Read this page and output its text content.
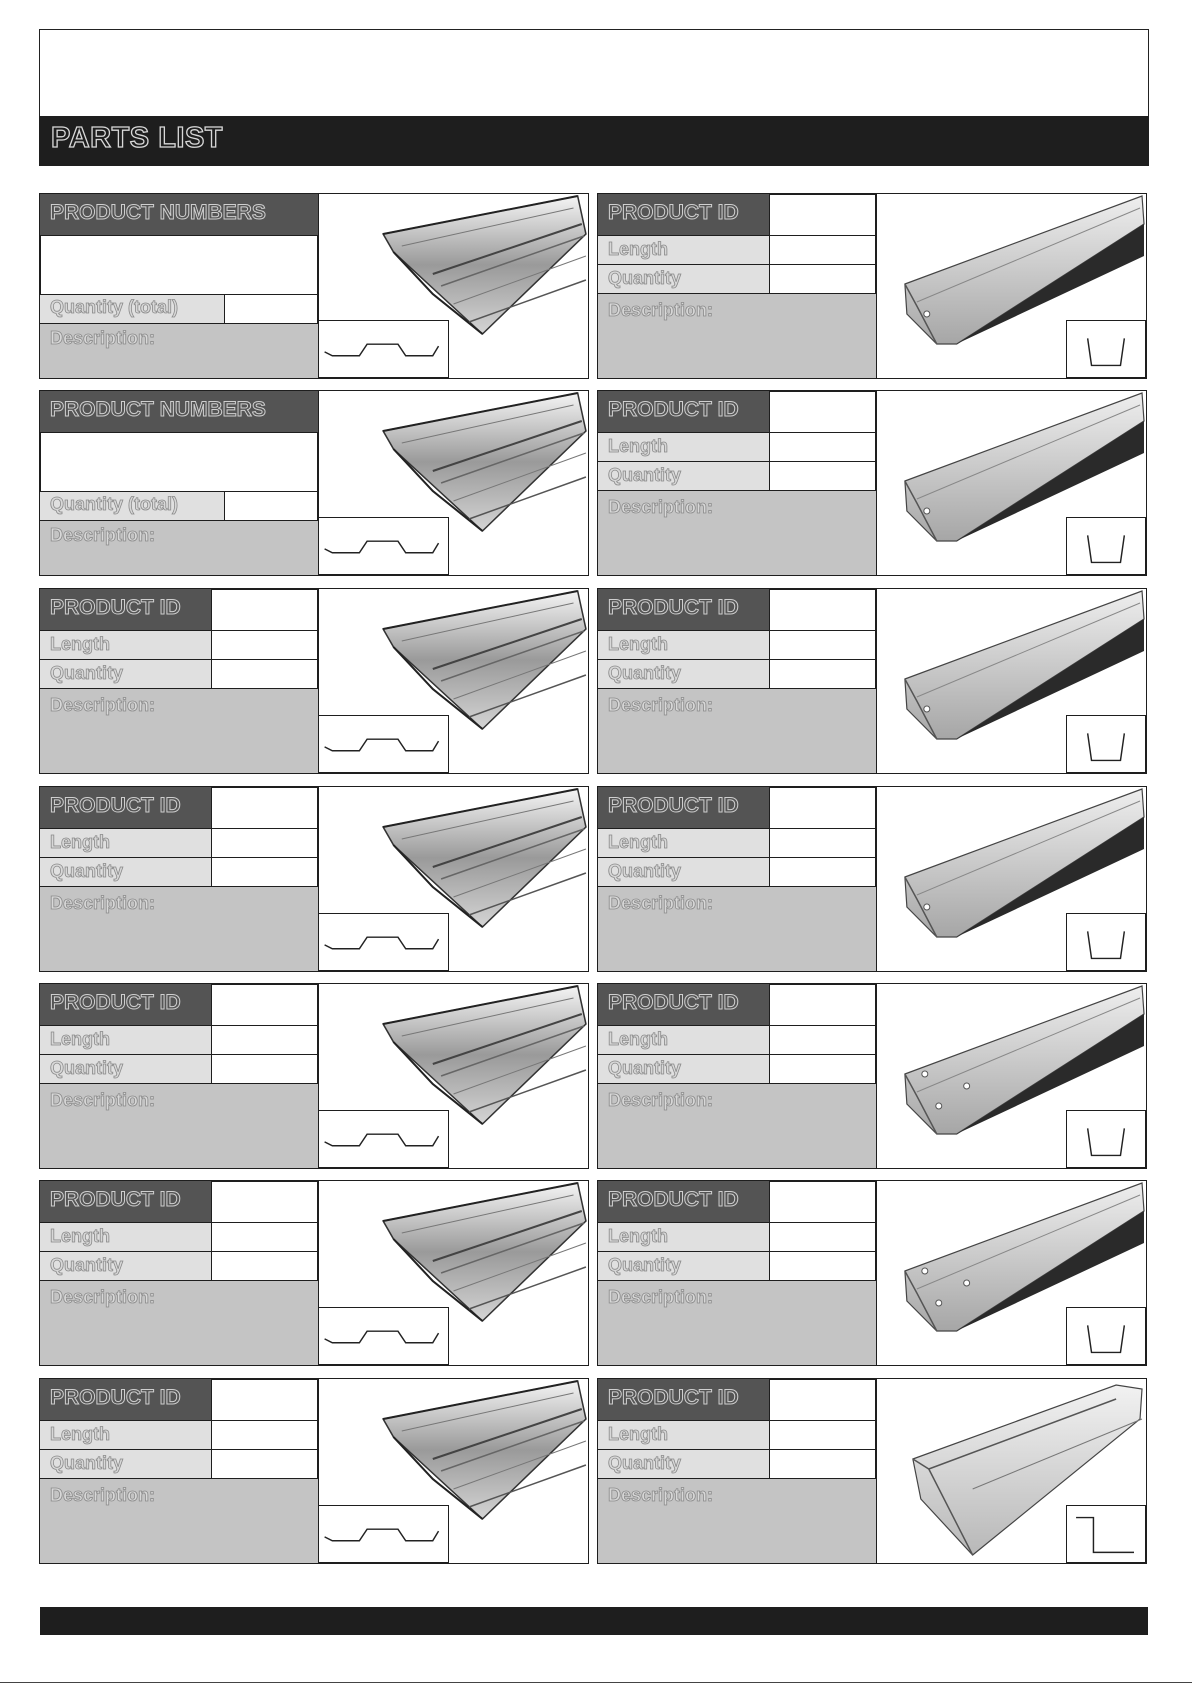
PARTS LIST
PRODUCT NUMBERS
Quantity (total)
Description:
PRODUCT ID
Length
Quantity
Description:
PRODUCT NUMBERS
Quantity (total)
Description:
PRODUCT ID
Length
Quantity
Description:
PRODUCT ID
Length
Quantity
Description:
PRODUCT ID
Length
Quantity
Description:
PRODUCT ID
Length
Quantity
Description:
PRODUCT ID
Length
Quantity
Description:
PRODUCT ID
Length
Quantity
Description:
PRODUCT ID
Length
Quantity
Description:
PRODUCT ID
Length
Quantity
Description:
PRODUCT ID
Length
Quantity
Description:
PRODUCT ID
Length
Quantity
Description:
PRODUCT ID
Length
Quantity
Description:
